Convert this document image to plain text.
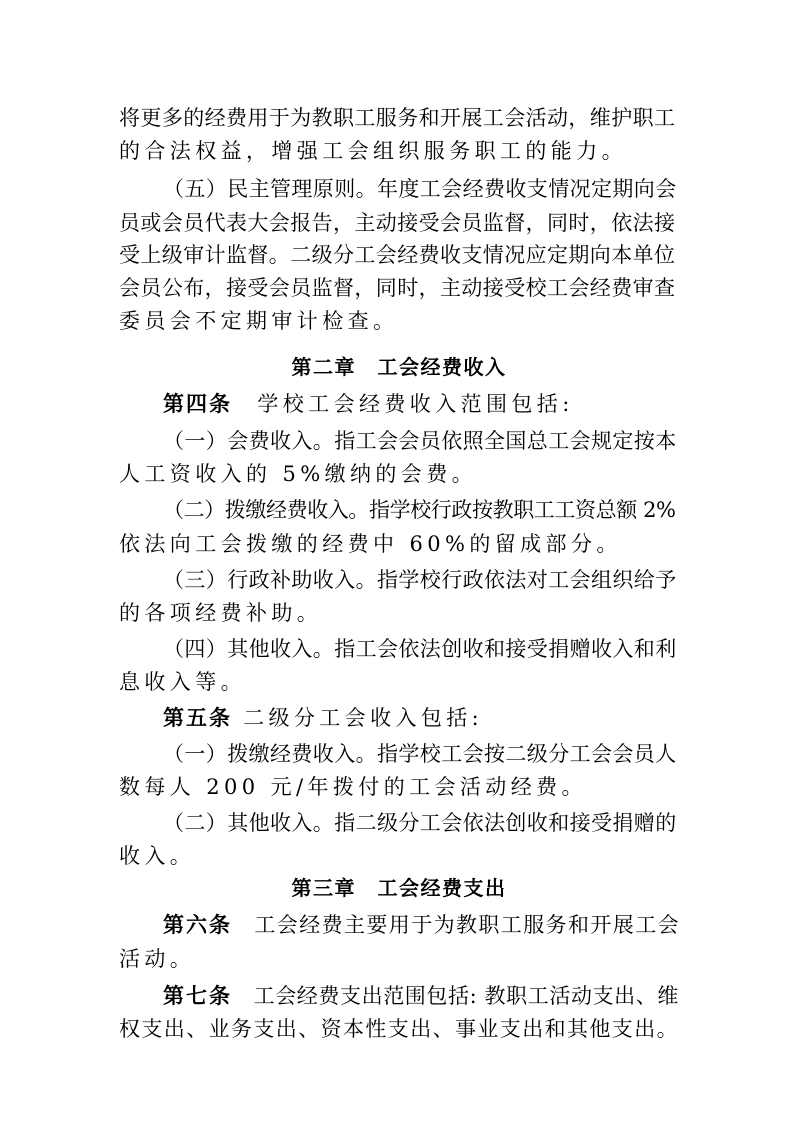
将更多的经费用于为教职工服务和开展工会活动，维护职工

的合法权益，增强工会组织服务职工的能力。

（五）民主管理原则。年度工会经费收支情况定期向会

员或会员代表大会报告，主动接受会员监督，同时，依法接

受上级审计监督。二级分工会经费收支情况应定期向本单位

会员公布，接受会员监督，同时，主动接受校工会经费审查

委员会不定期审计检查。

第二章　工会经费收入

第四条　学校工会经费收入范围包括:

（一）会费收入。指工会会员依照全国总工会规定按本

人工资收入的 5%缴纳的会费。

（二）拨缴经费收入。指学校行政按教职工工资总额 2%

依法向工会拨缴的经费中 60%的留成部分。

（三）行政补助收入。指学校行政依法对工会组织给予

的各项经费补助。

（四）其他收入。指工会依法创收和接受捐赠收入和利

息收入等。

第五条 二级分工会收入包括:

（一）拨缴经费收入。指学校工会按二级分工会会员人

数每人 200 元/年拨付的工会活动经费。

（二）其他收入。指二级分工会依法创收和接受捐赠的

收入。

第三章　工会经费支出

第六条　工会经费主要用于为教职工服务和开展工会

活动。

第七条　工会经费支出范围包括: 教职工活动支出、维

权支出、业务支出、资本性支出、事业支出和其他支出。
